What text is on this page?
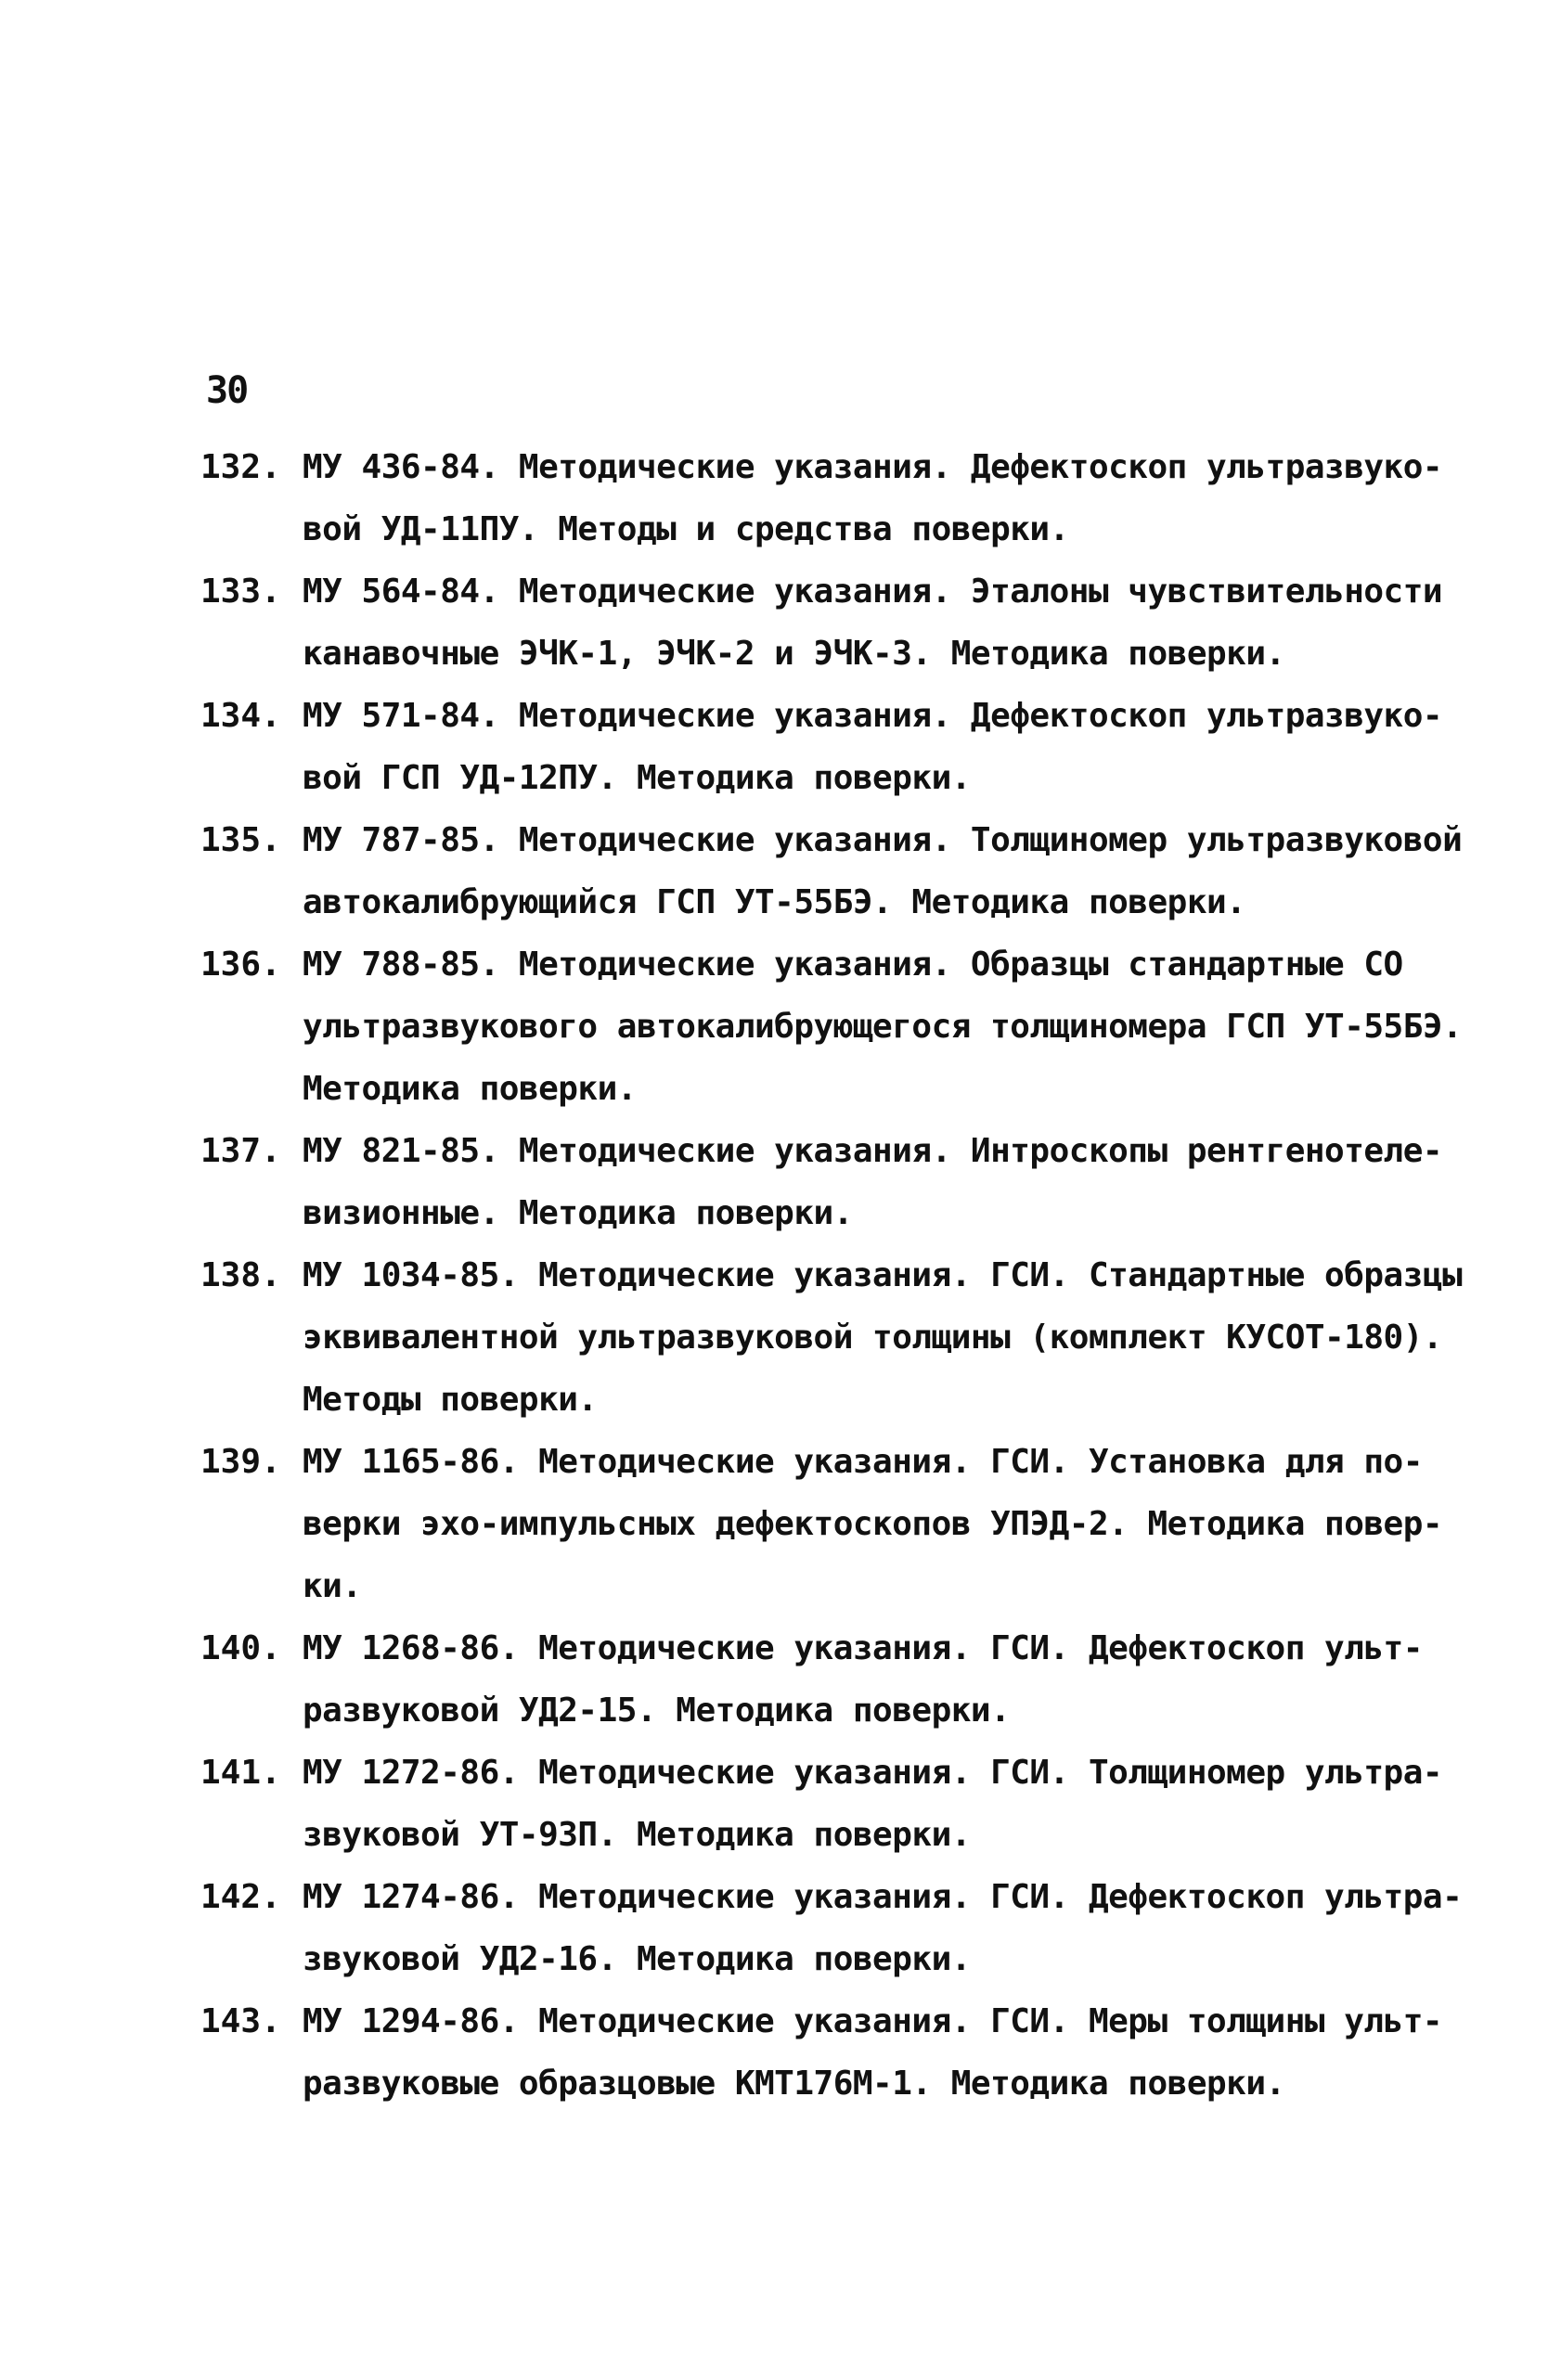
30
132. МУ 436-84. Методические указания. Дефектоскоп ультразвуко-
вой УД-11ПУ. Методы и средства поверки.
133. МУ 564-84. Методические указания. Эталоны чувствительности
канавочные ЭЧК-1, ЭЧК-2 и ЭЧК-3. Методика поверки.
134. МУ 571-84. Методические указания. Дефектоскоп ультразвуко-
вой ГСП УД-12ПУ. Методика поверки.
135. МУ 787-85. Методические указания. Толщиномер ультразвуковой
автокалибрующийся ГСП УТ-55БЭ. Методика поверки.
136. МУ 788-85. Методические указания. Образцы стандартные СО
ультразвукового автокалибрующегося толщиномера ГСП УТ-55БЭ.
Методика поверки.
137. МУ 821-85. Методические указания. Интроскопы рентгенотеле-
визионные. Методика поверки.
138. МУ 1034-85. Методические указания. ГСИ. Стандартные образцы
эквивалентной ультразвуковой толщины (комплект КУСОТ-180).
Методы поверки.
139. МУ 1165-86. Методические указания. ГСИ. Установка для по-
верки эхо-импульсных дефектоскопов УПЭД-2. Методика повер-
ки.
140. МУ 1268-86. Методические указания. ГСИ. Дефектоскоп ульт-
развуковой УД2-15. Методика поверки.
141. МУ 1272-86. Методические указания. ГСИ. Толщиномер ультра-
звуковой УТ-93П. Методика поверки.
142. МУ 1274-86. Методические указания. ГСИ. Дефектоскоп ультра-
звуковой УД2-16. Методика поверки.
143. МУ 1294-86. Методические указания. ГСИ. Меры толщины ульт-
развуковые образцовые КМТ176М-1. Методика поверки.
